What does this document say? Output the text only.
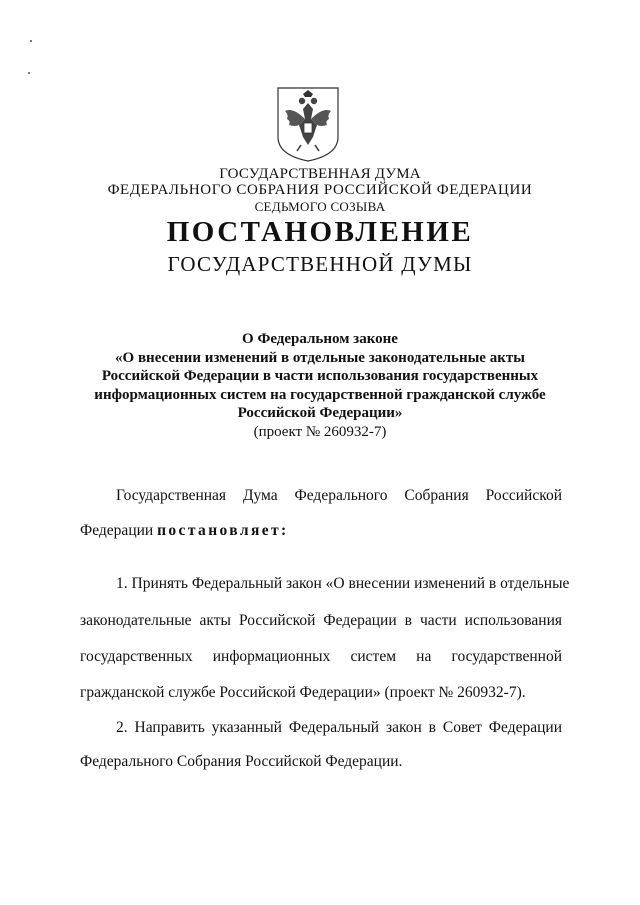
ГОСУДАРСТВЕННАЯ ДУМА
ФЕДЕРАЛЬНОГО СОБРАНИЯ РОССИЙСКОЙ ФЕДЕРАЦИИ
СЕДЬМОГО СОЗЫВА
ПОСТАНОВЛЕНИЕ
ГОСУДАРСТВЕННОЙ ДУМЫ
О Федеральном законе
«О внесении изменений в отдельные законодательные акты
Российской Федерации в части использования государственных
информационных систем на государственной гражданской службе
Российской Федерации»
(проект № 260932-7)
Государственная Дума Федерального Собрания Российской
Федерации постановляет:
1. Принять Федеральный закон «О внесении изменений в отдельные
законодательные акты Российской Федерации в части использования
государственных информационных систем на государственной
гражданской службе Российской Федерации» (проект № 260932-7).
2. Направить указанный Федеральный закон в Совет Федерации
Федерального Собрания Российской Федерации.
